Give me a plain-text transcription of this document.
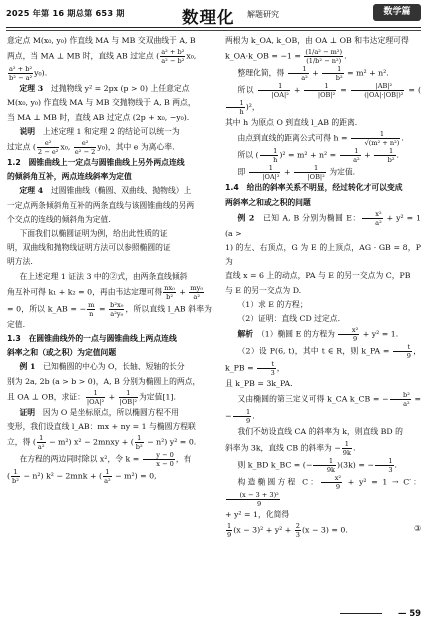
2025 年第 16 期总第 653 期	数理化 解题研究	数学篇

意定点 M(x₀, y₀) 作直线 MA 与 MB 交双曲线于 A, B

两点，当 MA ⊥ MB 时，直线 AB 过定点 ( $\frac{\text{a² + b²}}{\text{a² − b²}} x_0$,

$\frac{\text{a² + b²}}{\text{b² − a²}} y_0$).

定理 3　 过抛物线 y² = 2px (p > 0) 上任意定点

M(x₀, y₀) 作直线 MA 与 MB 交抛物线于 A, B 两点，

当 MA ⊥ MB 时，直线 AB 过定点 (2p + x₀, −y₀).

说明　 上述定理 1 和定理 2 的结论可以统一为

过定点 ( $\frac{\text{e²}}{\text{2 − e²}} x_0$, $\frac{\text{e²}}{\text{e² − 2}} y_0$)，其中 e 为离心率.

1.2　圆锥曲线上一定点与圆锥曲线上另外两点连线

的倾斜角互补，两点连线斜率为定值

定理 4　 过圆锥曲线（椭圆、双曲线、抛物线）上

一定点两条倾斜角互补的两条直线与该圆锥曲线的另两

个交点的连线的倾斜角为定值.

下面我们以椭圆证明为例，给出此性质的证

明，双曲线和抛物线证明方法可以参照椭圆的证

明方法.

在上述定理 1 证法 3 中的②式，由两条直线倾斜

角互补可得 k₁ + k₂ = 0，再由韦达定理可得 $\frac{\text{nx₀}}{\text{b²}} + \frac{\text{my₀}}{\text{a²}}$

= 0，所以 k_AB = − $\frac{m}{n} = \frac{\text{b²x₀}}{\text{a²y₀}}$ ，所以直线 l_AB 斜率为定值.

1.3　在圆锥曲线外的一点与圆锥曲线上两点连线

斜率之和（或之积）为定值问题

例 1　 已知椭圆的中心为 O，长轴、短轴的长分

别为 2a, 2b (a > b > 0)，A, B 分别为椭圆上的两点，

且 OA ⊥ OB，求证： $\frac{1}{\text{|OA|²}} + \frac{1}{\text{|OB|²}}$ 为定值[1].

证明　 因为 O 是坐标原点，所以椭圆方程不用

变形，我们设直线 l_AB：mx + ny = 1 与椭圆方程联

立，得 ( $\frac{1}{\text{a²}} - m^2$) x² − 2mnxy + ( $\frac{1}{\text{b²}} - n^2$) y² = 0.

在方程的两边同时除以 x²，令 $k = \frac{y - 0}{x - 0}$ ，有

( $\frac{1}{\text{b²}} - n^2$) k² − 2mnk + ( $\frac{1}{\text{a²}} - m^2) = 0$,

两根为 k_OA, k_OB，由 OA ⊥ OB 和韦达定理可得

k_OA·k_OB = $-1 = \frac{\text{(1/a² − m²)}}{\text{(1/b² − n²)}}$ .

整理化简，得 $\frac{1}{\text{a²}} + \frac{1}{\text{b²}} = m^2 + n^2$.

所以 $\frac{1}{\text{|OA|²}} + \frac{1}{\text{|OB|²}} = \frac{\text{|AB|²}}{\text{(|OA|·|OB|)²}}$ = (
$\frac{1}{h} )^2$，

其中 h 为原点 O 到直线 l_AB 的距离.

由点到直线的距离公式可得 $h = \frac{1}{\text{√(m² + n²)}}$ .

所以 ( $\frac{1}{h} )^2 = m^2 + n^2 = \frac{1}{\text{a²}} + \frac{1}{\text{b²}}$ .

即 $\frac{1}{\text{|OA|²}} + \frac{1}{\text{|OB|²}}$ 为定值.

1.4　给出的斜率关系不明显，经过转化才可以变成

两斜率之和或之积的问题

例 2　 已知 A, B 分别为椭圆 E： $\frac{\text{x²}}{\text{a²}} + y^2 = 1$ (a >

1) 的左、右顶点，G 为 E 的上顶点，AG · GB = 8，P 为

直线 x = 6 上的动点，PA 与 E 的另一交点为 C，PB

与 E 的另一交点为 D.

（1）求 E 的方程；

（2）证明：直线 CD 过定点.

解析　 （1）椭圆 E 的方程为 $\frac{\text{x²}}{9} + y^2 = 1$.

（2）设 P(6, t)，其中 t ∈ R，则 k_PA = $\frac{t}{9}$ ，k_PB = $\frac{t}{3}$ ，

且 k_PB = 3k_PA.

又由椭圆的第三定义可得 k_CA k_CB = − $\frac{\text{b²}}{\text{a²}}$ = − $\frac{1}{9}$ .

我们不妨设直线 CA 的斜率为 k，则直线 BD 的

斜率为 3k，直线 CB 的斜率为 − $\frac{1}{9k}$ .

则 k_BD k_BC = (− $\frac{1}{9k} )(3k)$ = − $\frac{1}{3}$ .

构造椭圆方程 C： $\frac{\text{x²}}{9} + y^2 = 1 \to C'$：
$\frac{\text{(x − 3 + 3)²}}{9}$

+ y² = 1，化简得

$\frac{1}{9} (x - 3)^2 + y^2 + \frac{2}{3} (x - 3) = 0$.	③

— 59
